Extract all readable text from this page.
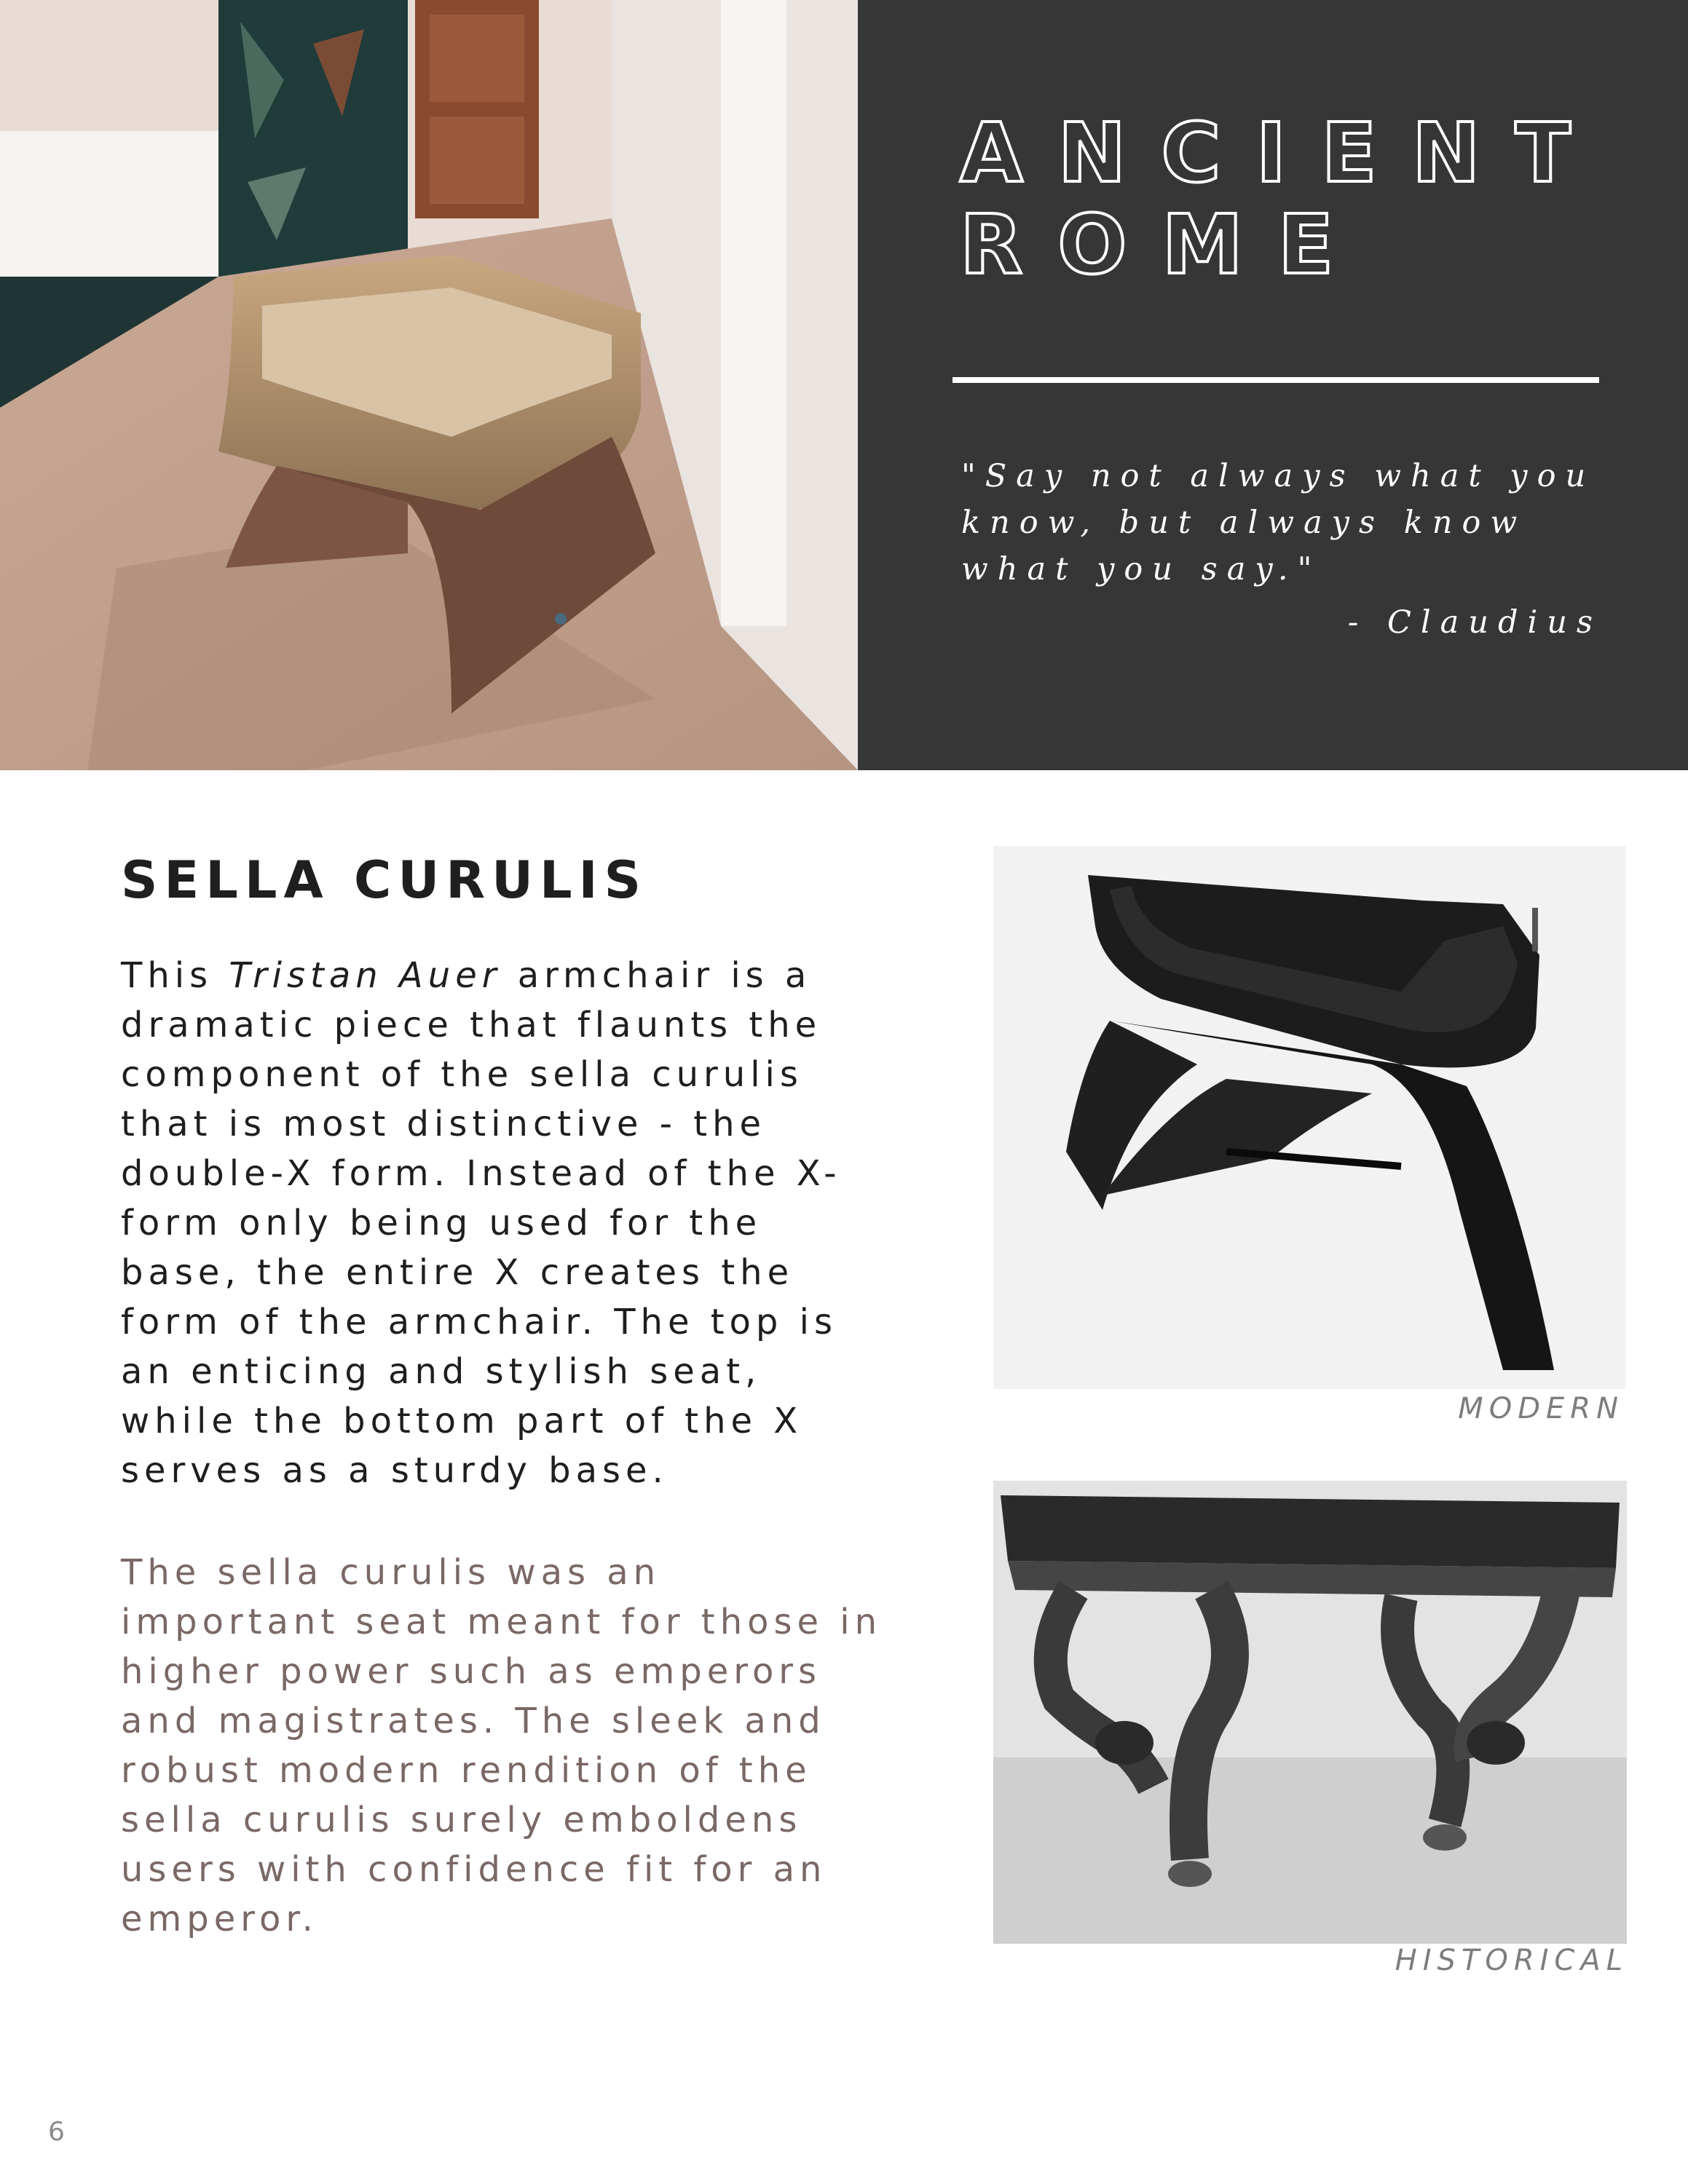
ANCIENT
ROME

"Say not always what you know, but always know what you say."

- Claudius

SELLA CURULIS

This Tristan Auer armchair is a dramatic piece that flaunts the component of the sella curulis that is most distinctive - the double-X form. Instead of the X-form only being used for the base, the entire X creates the form of the armchair. The top is an enticing and stylish seat, while the bottom part of the X serves as a sturdy base.

The sella curulis was an important seat meant for those in higher power such as emperors and magistrates. The sleek and robust modern rendition of the sella curulis surely emboldens users with confidence fit for an emperor.

MODERN

HISTORICAL

6
